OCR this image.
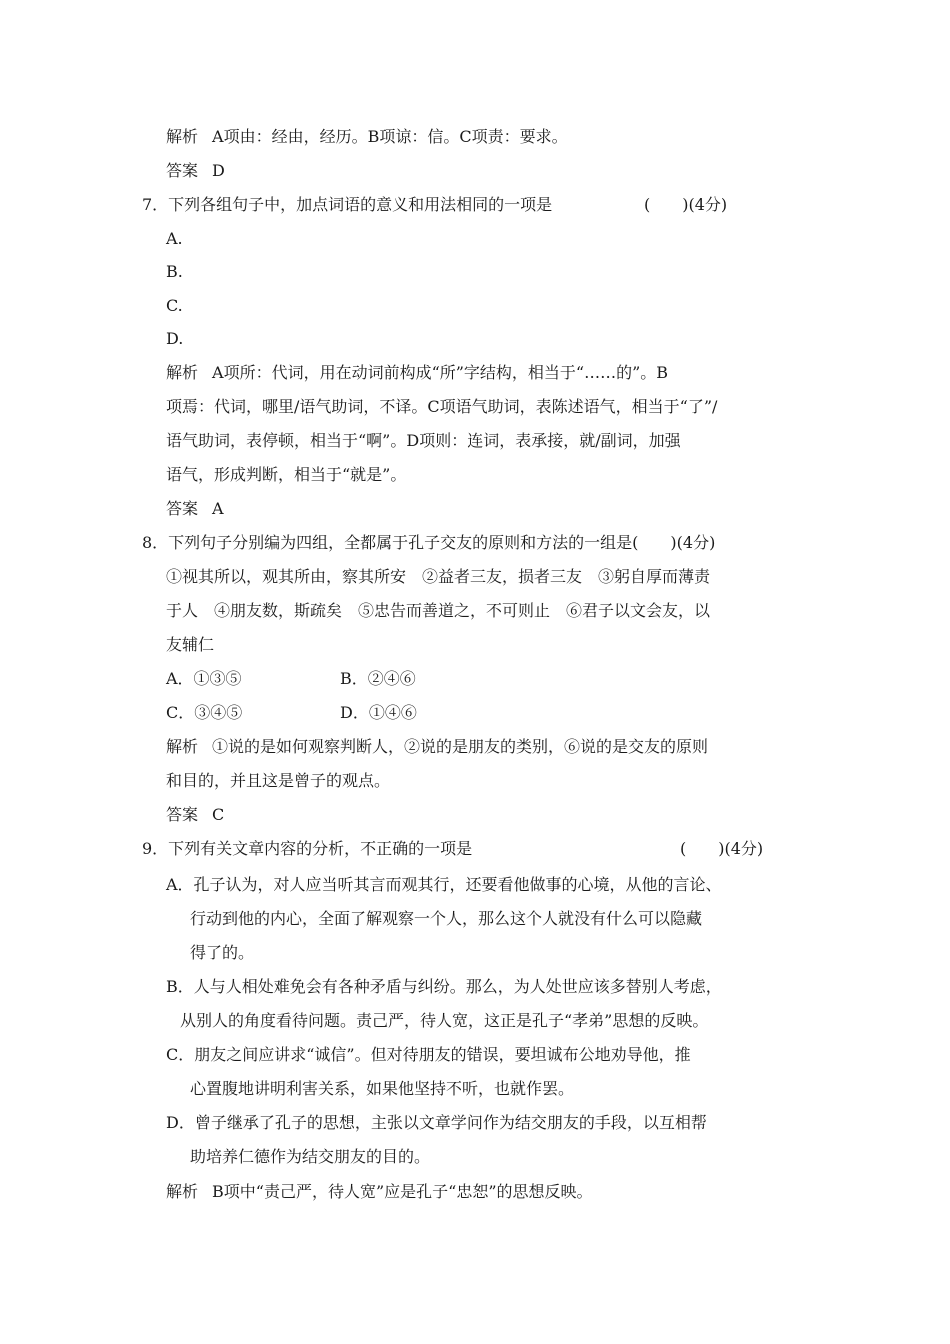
解析 A项由：经由，经历。B项谅：信。C项责：要求。
答案 D
7．下列各组句子中，加点词语的意义和用法相同的一项是	(　　)(4分)
A.
B.
C.
D.
解析 A项所：代词，用在动词前构成“所”字结构，相当于“……的”。B
项焉：代词，哪里/语气助词，不译。C项语气助词，表陈述语气，相当于“了”/
语气助词，表停顿，相当于“啊”。D项则：连词，表承接，就/副词，加强
语气，形成判断，相当于“就是”。
答案 A
8．下列句子分别编为四组，全都属于孔子交友的原则和方法的一组是(　　)(4分)
①视其所以，观其所由，察其所安　②益者三友，损者三友　③躬自厚而薄责
于人　④朋友数，斯疏矣　⑤忠告而善道之，不可则止　⑥君子以文会友，以
友辅仁
A．①③⑤	B．②④⑥
C．③④⑤	D．①④⑥
解析 ①说的是如何观察判断人，②说的是朋友的类别，⑥说的是交友的原则
和目的，并且这是曾子的观点。
答案 C
9．下列有关文章内容的分析，不正确的一项是	(　　)(4分)
A．孔子认为，对人应当听其言而观其行，还要看他做事的心境，从他的言论、
行动到他的内心，全面了解观察一个人，那么这个人就没有什么可以隐藏
得了的。
B．人与人相处难免会有各种矛盾与纠纷。那么，为人处世应该多替别人考虑，
从别人的角度看待问题。责己严，待人宽，这正是孔子“孝弟”思想的反映。
C．朋友之间应讲求“诚信”。但对待朋友的错误，要坦诚布公地劝导他，推
心置腹地讲明利害关系，如果他坚持不听，也就作罢。
D．曾子继承了孔子的思想，主张以文章学问作为结交朋友的手段，以互相帮
助培养仁德作为结交朋友的目的。
解析 B项中“责己严，待人宽”应是孔子“忠恕”的思想反映。
